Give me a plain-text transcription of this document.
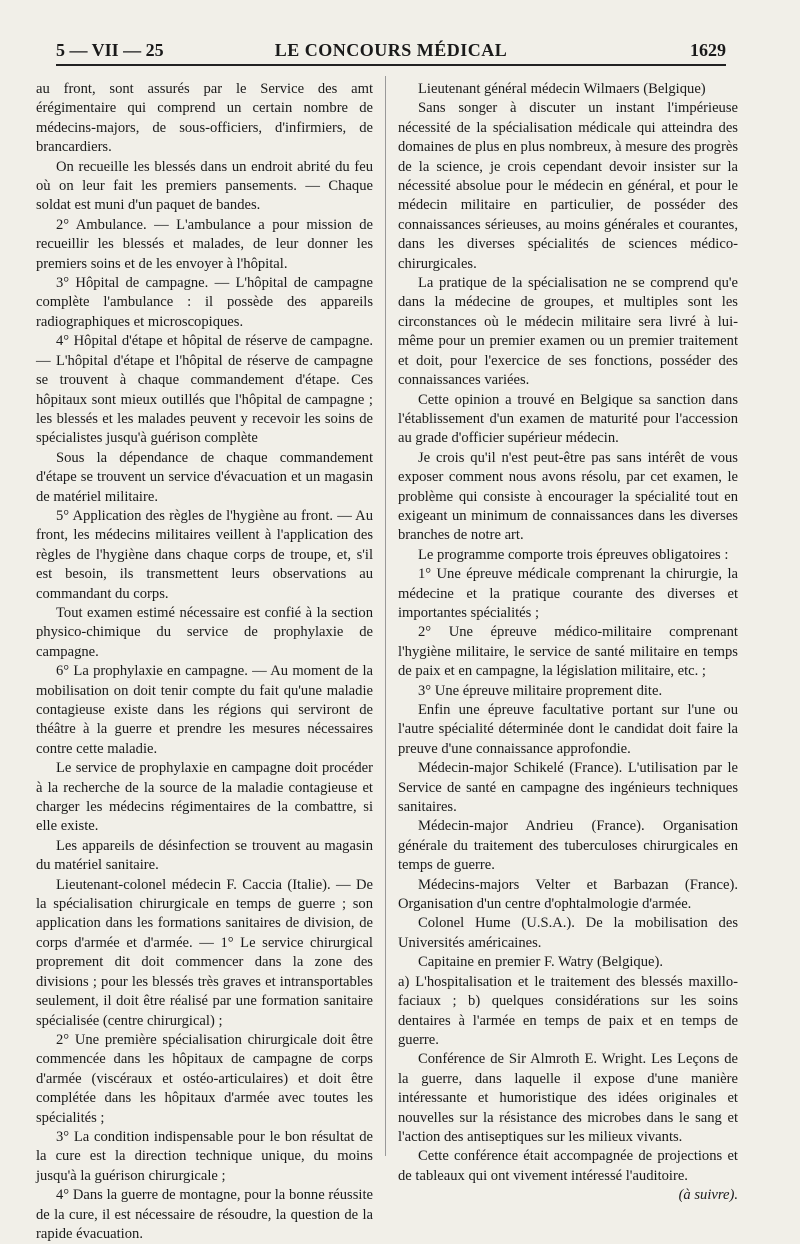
5 — VII — 25	LE CONCOURS MÉDICAL	1629

au front, sont assurés par le Service des amt érégimentaire qui comprend un certain nombre de médecins-majors, de sous-officiers, d'infirmiers, de brancardiers.

On recueille les blessés dans un endroit abrité du feu où on leur fait les premiers pansements. — Chaque soldat est muni d'un paquet de bandes.

2° Ambulance. — L'ambulance a pour mission de recueillir les blessés et malades, de leur donner les premiers soins et de les envoyer à l'hôpital.

3° Hôpital de campagne. — L'hôpital de campagne complète l'ambulance : il possède des appareils radiographiques et microscopiques.

4° Hôpital d'étape et hôpital de réserve de campagne. — L'hôpital d'étape et l'hôpital de réserve de campagne se trouvent à chaque commandement d'étape. Ces hôpitaux sont mieux outillés que l'hôpital de campagne ; les blessés et les malades peuvent y recevoir les soins de spécialistes jusqu'à guérison complète

Sous la dépendance de chaque commandement d'étape se trouvent un service d'évacuation et un magasin de matériel militaire.

5° Application des règles de l'hygiène au front. — Au front, les médecins militaires veillent à l'application des règles de l'hygiène dans chaque corps de troupe, et, s'il est besoin, ils transmettent leurs observations au commandant du corps.

Tout examen estimé nécessaire est confié à la section physico-chimique du service de prophylaxie de campagne.

6° La prophylaxie en campagne. — Au moment de la mobilisation on doit tenir compte du fait qu'une maladie contagieuse existe dans les régions qui serviront de théâtre à la guerre et prendre les mesures nécessaires contre cette maladie.

Le service de prophylaxie en campagne doit procéder à la recherche de la source de la maladie contagieuse et charger les médecins régimentaires de la combattre, si elle existe.

Les appareils de désinfection se trouvent au magasin du matériel sanitaire.

Lieutenant-colonel médecin F. Caccia (Italie). — De la spécialisation chirurgicale en temps de guerre ; son application dans les formations sanitaires de division, de corps d'armée et d'armée. — 1° Le service chirurgical proprement dit doit commencer dans la zone des divisions ; pour les blessés très graves et intransportables seulement, il doit être réalisé par une formation sanitaire spécialisée (centre chirurgical) ;

2° Une première spécialisation chirurgicale doit être commencée dans les hôpitaux de campagne de corps d'armée (viscéraux et ostéo-articulaires) et doit être complétée dans les hôpitaux d'armée avec toutes les spécialités ;

3° La condition indispensable pour le bon résultat de la cure est la direction technique unique, du moins jusqu'à la guérison chirurgicale ;

4° Dans la guerre de montagne, pour la bonne réussite de la cure, il est nécessaire de résoudre, la question de la rapide évacuation.

Lieutenant général médecin Wilmaers (Belgique)

Sans songer à discuter un instant l'impérieuse nécessité de la spécialisation médicale qui atteindra des domaines de plus en plus nombreux, à mesure des progrès de la science, je crois cependant devoir insister sur la nécessité absolue pour le médecin en général, et pour le médecin militaire en particulier, de posséder des connaissances sérieuses, au moins générales et courantes, dans les diverses spécialités de sciences médico-chirurgicales.

La pratique de la spécialisation ne se comprend qu'e dans la médecine de groupes, et multiples sont les circonstances où le médecin militaire sera livré à lui-même pour un premier examen ou un premier traitement et doit, pour l'exercice de ses fonctions, posséder des connaissances variées.

Cette opinion a trouvé en Belgique sa sanction dans l'établissement d'un examen de maturité pour l'accession au grade d'officier supérieur médecin.

Je crois qu'il n'est peut-être pas sans intérêt de vous exposer comment nous avons résolu, par cet examen, le problème qui consiste à encourager la spécialité tout en exigeant un minimum de connaissances dans les diverses branches de notre art.

Le programme comporte trois épreuves obligatoires :

1° Une épreuve médicale comprenant la chirurgie, la médecine et la pratique courante des diverses et importantes spécialités ;

2° Une épreuve médico-militaire comprenant l'hygiène militaire, le service de santé militaire en temps de paix et en campagne, la législation militaire, etc. ;

3° Une épreuve militaire proprement dite.

Enfin une épreuve facultative portant sur l'une ou l'autre spécialité déterminée dont le candidat doit faire la preuve d'une connaissance approfondie.

Médecin-major Schikelé (France). L'utilisation par le Service de santé en campagne des ingénieurs techniques sanitaires.

Médecin-major Andrieu (France). Organisation générale du traitement des tuberculoses chirurgicales en temps de guerre.

Médecins-majors Velter et Barbazan (France). Organisation d'un centre d'ophtalmologie d'armée.

Colonel Hume (U.S.A.). De la mobilisation des Universités américaines.

Capitaine en premier F. Watry (Belgique).

a) L'hospitalisation et le traitement des blessés maxillo-faciaux ; b) quelques considérations sur les soins dentaires à l'armée en temps de paix et en temps de guerre.

Conférence de Sir Almroth E. Wright. Les Leçons de la guerre, dans laquelle il expose d'une manière intéressante et humoristique des idées originales et nouvelles sur la résistance des microbes dans le sang et l'action des antiseptiques sur les milieux vivants.

Cette conférence était accompagnée de projections et de tableaux qui ont vivement intéressé l'auditoire.

(à suivre).
